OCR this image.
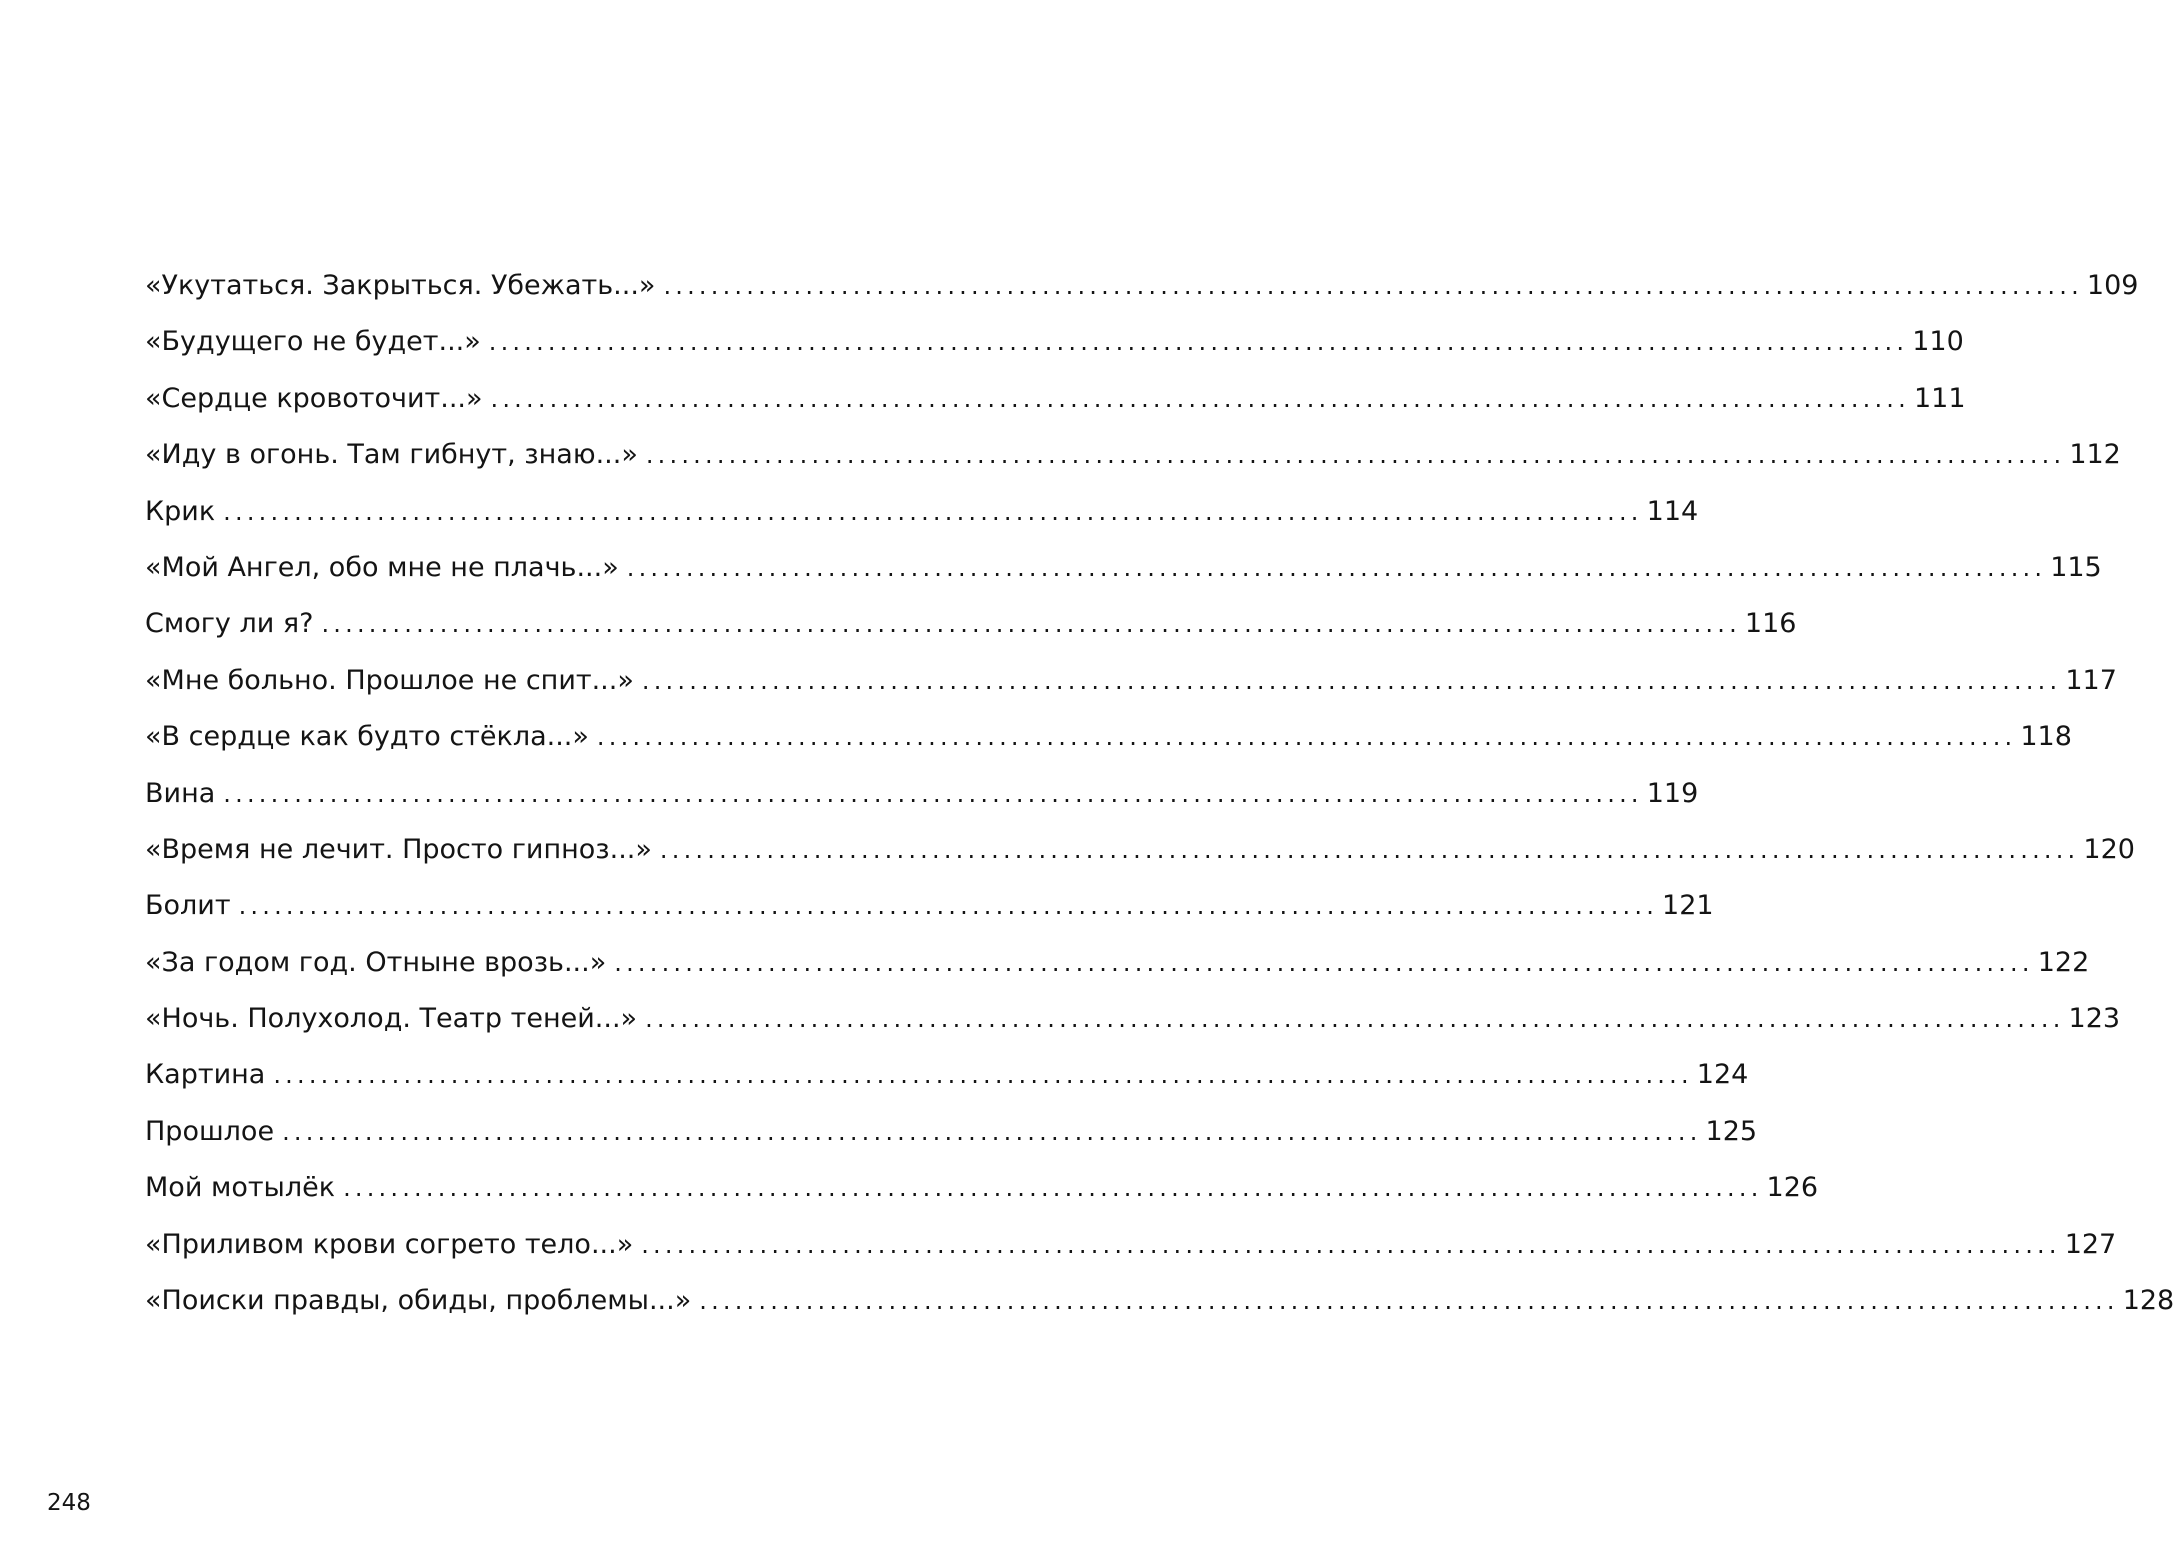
«Укутаться. Закрыться. Убежать...» ........................................................................................................................ 109
«Будущего не будет...» ........................................................................................................................ 110
«Сердце кровоточит...» ........................................................................................................................ 111
«Иду в огонь. Там гибнут, знаю...» ........................................................................................................................ 112
Крик ........................................................................................................................ 114
«Мой Ангел, обо мне не плачь...» ........................................................................................................................ 115
Смогу ли я? ........................................................................................................................ 116
«Мне больно. Прошлое не спит...» ........................................................................................................................ 117
«В сердце как будто стёкла...» ........................................................................................................................ 118
Вина ........................................................................................................................ 119
«Время не лечит. Просто гипноз...» ........................................................................................................................ 120
Болит ........................................................................................................................ 121
«За годом год. Отныне врозь...» ........................................................................................................................ 122
«Ночь. Полухолод. Театр теней...» ........................................................................................................................ 123
Картина ........................................................................................................................ 124
Прошлое ........................................................................................................................ 125
Мой мотылёк ........................................................................................................................ 126
«Приливом крови согрето тело...» ........................................................................................................................ 127
«Поиски правды, обиды, проблемы...» ........................................................................................................................ 128
248
